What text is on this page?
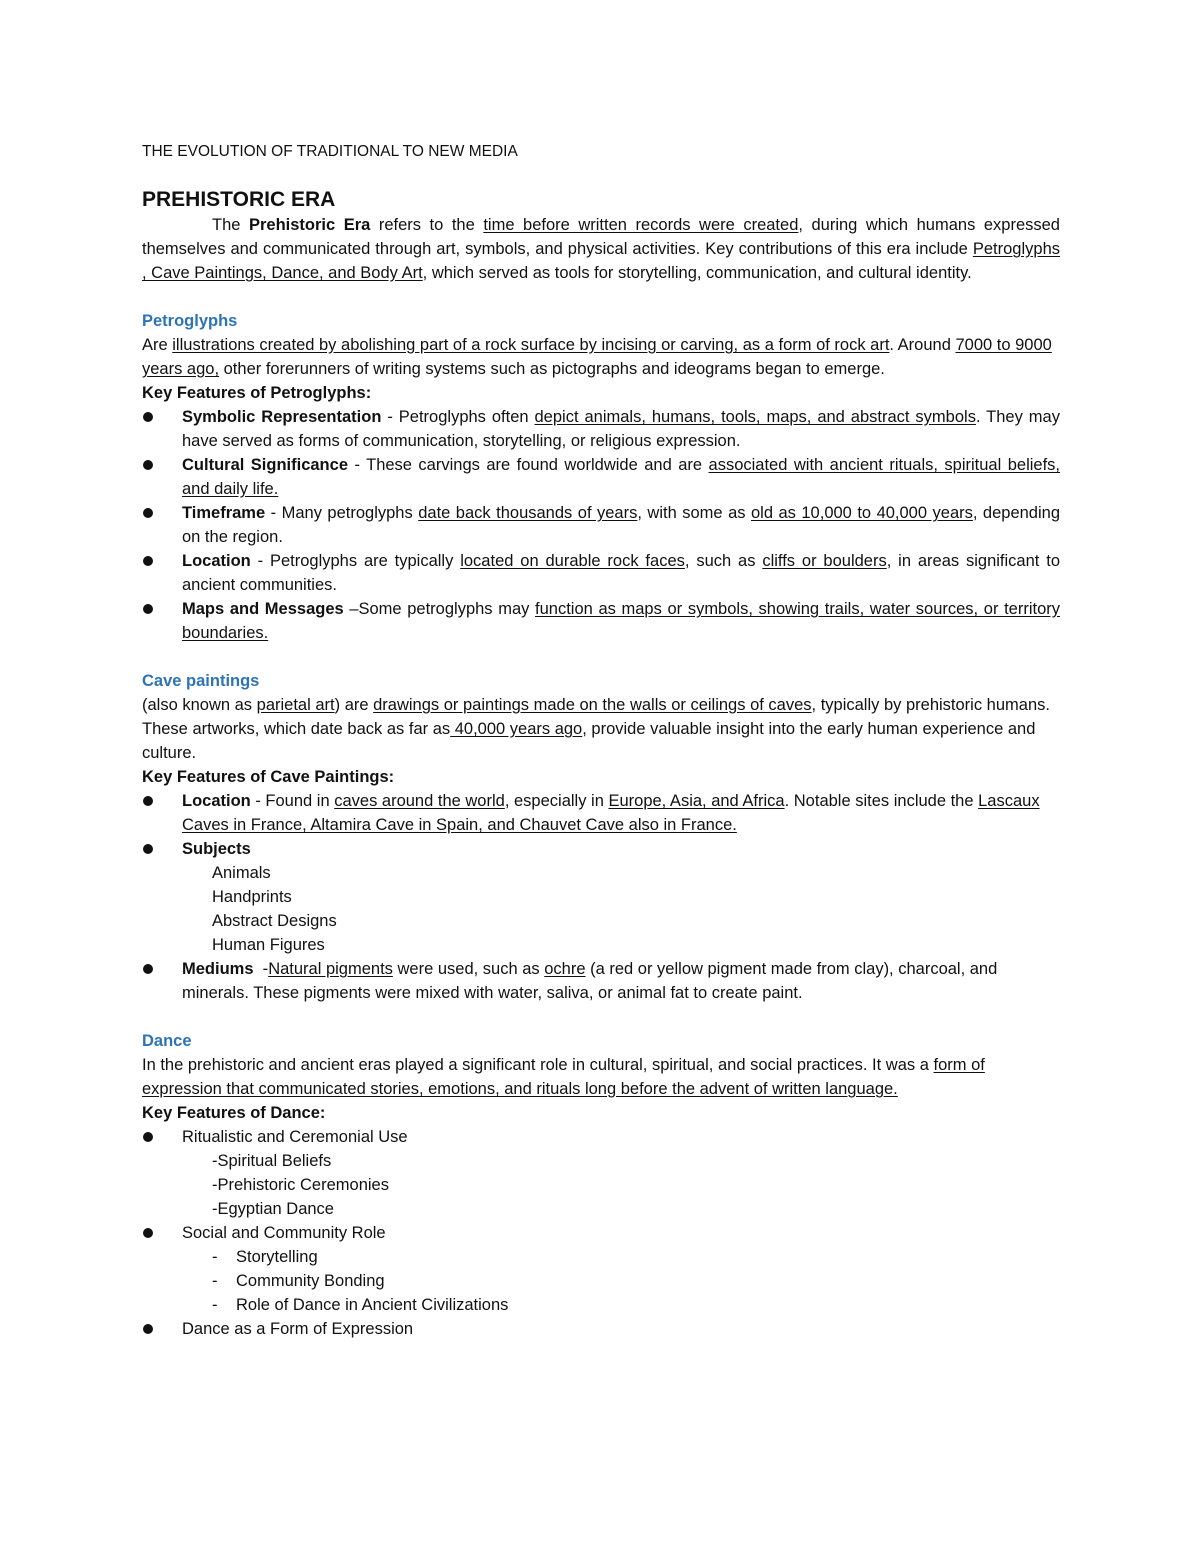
THE EVOLUTION OF TRADITIONAL TO NEW MEDIA
PREHISTORIC ERA

The Prehistoric Era refers to the time before written records were created, during which humans expressed themselves and communicated through art, symbols, and physical activities. Key contributions of this era include Petroglyphs , Cave Paintings, Dance, and Body Art, which served as tools for storytelling, communication, and cultural identity.

Petroglyphs

Are illustrations created by abolishing part of a rock surface by incising or carving, as a form of rock art. Around 7000 to 9000 years ago, other forerunners of writing systems such as pictographs and ideograms began to emerge.

Key Features of Petroglyphs:
Symbolic Representation - Petroglyphs often depict animals, humans, tools, maps, and abstract symbols. They may have served as forms of communication, storytelling, or religious expression.
Cultural Significance - These carvings are found worldwide and are associated with ancient rituals, spiritual beliefs, and daily life.
Timeframe - Many petroglyphs date back thousands of years, with some as old as 10,000 to 40,000 years, depending on the region.
Location - Petroglyphs are typically located on durable rock faces, such as cliffs or boulders, in areas significant to ancient communities.
Maps and Messages –Some petroglyphs may function as maps or symbols, showing trails, water sources, or territory boundaries.
Cave paintings

(also known as parietal art) are drawings or paintings made on the walls or ceilings of caves, typically by prehistoric humans. These artworks, which date back as far as 40,000 years ago, provide valuable insight into the early human experience and culture.

Key Features of Cave Paintings:
Location - Found in caves around the world, especially in Europe, Asia, and Africa. Notable sites include the Lascaux Caves in France, Altamira Cave in Spain, and Chauvet Cave also in France.
Subjects
Animals
Handprints
Abstract Designs
Human Figures
Mediums  -Natural pigments were used, such as ochre (a red or yellow pigment made from clay), charcoal, and minerals. These pigments were mixed with water, saliva, or animal fat to create paint.
Dance

In the prehistoric and ancient eras played a significant role in cultural, spiritual, and social practices. It was a form of expression that communicated stories, emotions, and rituals long before the advent of written language.

Key Features of Dance:
Ritualistic and Ceremonial Use
-Spiritual Beliefs
-Prehistoric Ceremonies
-Egyptian Dance
Social and Community Role
- Storytelling
- Community Bonding
- Role of Dance in Ancient Civilizations
Dance as a Form of Expression
